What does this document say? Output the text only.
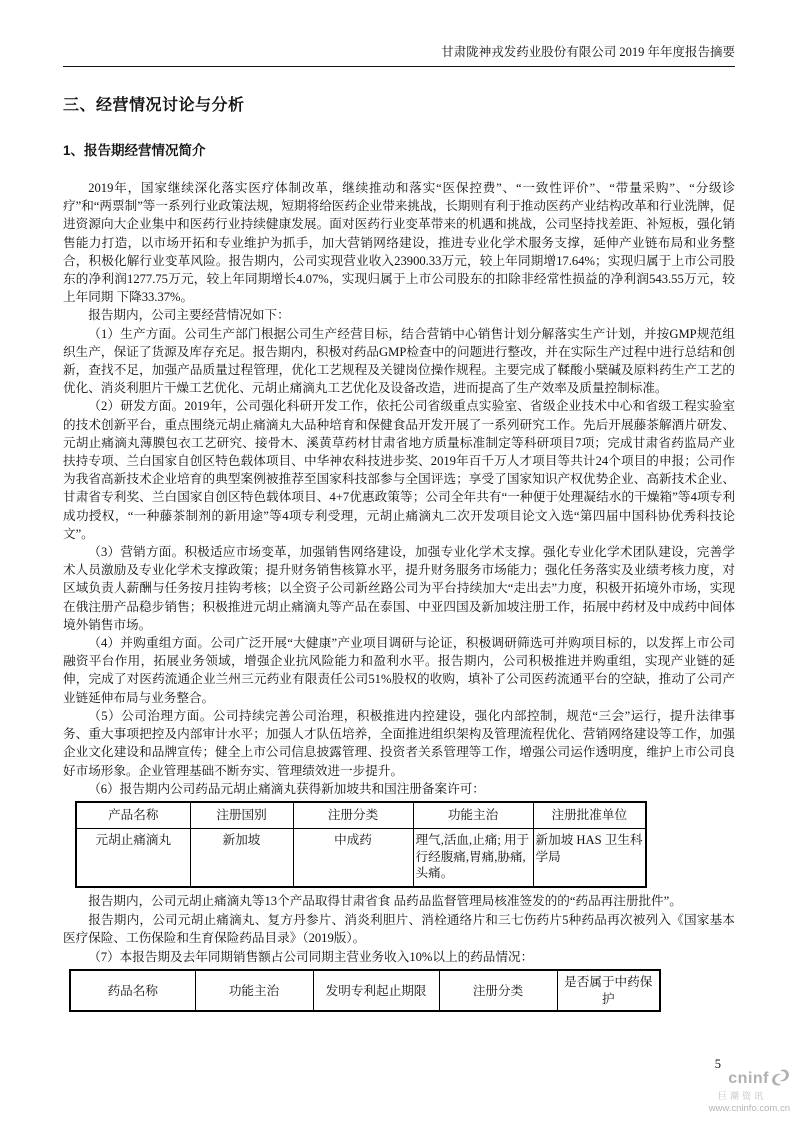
甘肃陇神戎发药业股份有限公司 2019 年年度报告摘要
三、经营情况讨论与分析
1、报告期经营情况简介

2019年，国家继续深化落实医疗体制改革，继续推动和落实“医保控费”、“一致性评价”、“带量采购”、“分级诊疗”和“两票制”等一系列行业政策法规，短期将给医药企业带来挑战，长期则有利于推动医药产业结构改革和行业洗牌，促进资源向大企业集中和医药行业持续健康发展。面对医药行业变革带来的机遇和挑战，公司坚持找差距、补短板，强化销售能力打造，以市场开拓和专业维护为抓手，加大营销网络建设，推进专业化学术服务支撑，延伸产业链布局和业务整合，积极化解行业变革风险。报告期内，公司实现营业收入23900.33万元，较上年同期增17.64%；实现归属于上市公司股东的净利润1277.75万元，较上年同期增长4.07%，实现归属于上市公司股东的扣除非经常性损益的净利润543.55万元，较上年同期 下降33.37%。

报告期内，公司主要经营情况如下：

（1）生产方面。公司生产部门根据公司生产经营目标，结合营销中心销售计划分解落实生产计划，并按GMP规范组织生产，保证了货源及库存充足。报告期内，积极对药品GMP检查中的问题进行整改，并在实际生产过程中进行总结和创新，查找不足，加强产品质量过程管理，优化工艺规程及关键岗位操作规程。主要完成了鞣酸小檗碱及原料药生产工艺的优化、消炎利胆片干燥工艺优化、元胡止痛滴丸工艺优化及设备改造，进而提高了生产效率及质量控制标准。

（2）研发方面。2019年，公司强化科研开发工作，依托公司省级重点实验室、省级企业技术中心和省级工程实验室的技术创新平台，重点围绕元胡止痛滴丸大品种培育和保健食品开发开展了一系列研究工作。先后开展藤茶解酒片研发、元胡止痛滴丸薄膜包衣工艺研究、接骨木、溪黄草药材甘肃省地方质量标准制定等科研项目7项；完成甘肃省药监局产业扶持专项、兰白国家自创区特色载体项目、中华神农科技进步奖、2019年百千万人才项目等共计24个项目的申报；公司作为我省高新技术企业培育的典型案例被推荐至国家科技部参与全国评选；享受了国家知识产权优势企业、高新技术企业、甘肃省专利奖、兰白国家自创区特色载体项目、4+7优惠政策等；公司全年共有“一种便于处理凝结水的干燥箱”等4项专利成功授权，“一种藤茶制剂的新用途”等4项专利受理，元胡止痛滴丸二次开发项目论文入选“第四届中国科协优秀科技论文”。

（3）营销方面。积极适应市场变革，加强销售网络建设，加强专业化学术支撑。强化专业化学术团队建设，完善学术人员激励及专业化学术支撑政策；提升财务销售核算水平，提升财务服务市场能力；强化任务落实及业绩考核力度，对区域负责人薪酬与任务按月挂钩考核；以全资子公司新丝路公司为平台持续加大“走出去”力度，积极开拓境外市场，实现在俄注册产品稳步销售；积极推进元胡止痛滴丸等产品在泰国、中亚四国及新加坡注册工作，拓展中药材及中成药中间体境外销售市场。

（4）并购重组方面。公司广泛开展“大健康”产业项目调研与论证，积极调研筛选可并购项目标的，以发挥上市公司融资平台作用，拓展业务领域，增强企业抗风险能力和盈利水平。报告期内，公司积极推进并购重组，实现产业链的延伸，完成了对医药流通企业兰州三元药业有限责任公司51%股权的收购，填补了公司医药流通平台的空缺，推动了公司产业链延伸布局与业务整合。

（5）公司治理方面。公司持续完善公司治理，积极推进内控建设，强化内部控制，规范“三会”运行，提升法律事务、重大事项把控及内部审计水平；加强人才队伍培养，全面推进组织架构及管理流程优化、营销网络建设等工作，加强企业文化建设和品牌宣传；健全上市公司信息披露管理、投资者关系管理等工作，增强公司运作透明度，维护上市公司良好市场形象。企业管理基础不断夯实、管理绩效进一步提升。

（6）报告期内公司药品元胡止痛滴丸获得新加坡共和国注册备案许可：

产品名称	注册国别	注册分类	功能主治	注册批准单位
元胡止痛滴丸	新加坡	中成药	理气,活血,止痛; 用于行经腹痛,胃痛,胁痛,头痛。	新加坡 HAS 卫生科学局

报告期内，公司元胡止痛滴丸等13个产品取得甘肃省食 品药品监督管理局核准签发的的“药品再注册批件”。

报告期内，公司元胡止痛滴丸、复方丹参片、消炎利胆片、消栓通络片和三七伤药片5种药品再次被列入《国家基本医疗保险、工伤保险和生育保险药品目录》（2019版）。

（7）本报告期及去年同期销售额占公司同期主营业务收入10%以上的药品情况：

药品名称	功能主治	发明专利起止期限	注册分类	是否属于中药保护
5
cninf
巨潮资讯
www.cninfo.com.cn
